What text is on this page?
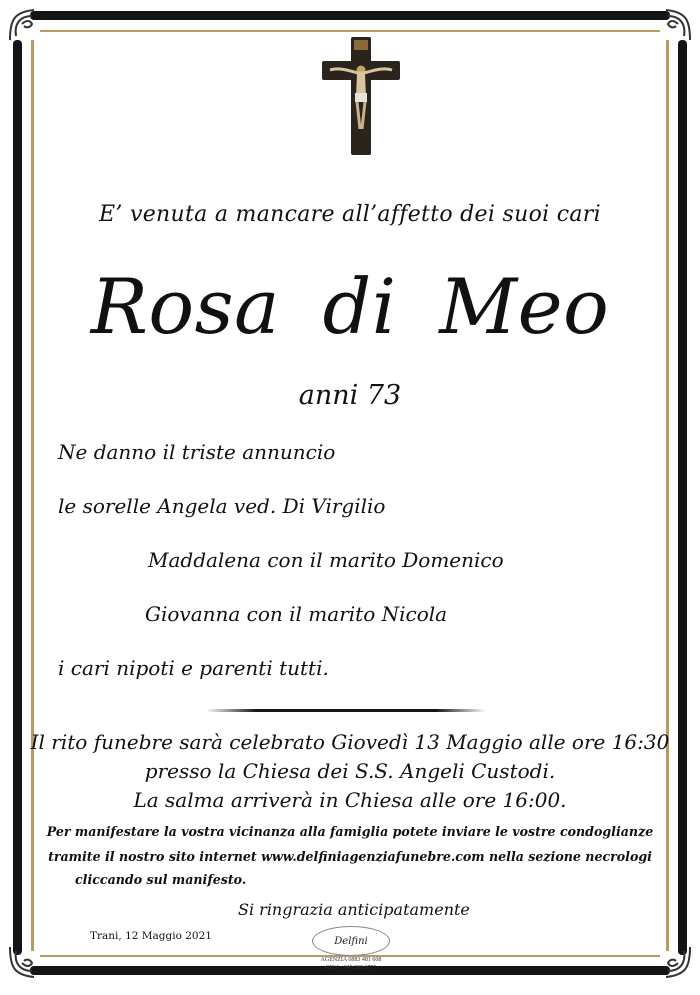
E’ venuta a mancare all’affetto dei suoi cari
Rosa di Meo
anni 73
Ne danno il triste annuncio
le sorelle Angela ved. Di Virgilio
Maddalena con il marito Domenico
Giovanna con il marito Nicola
i cari nipoti e parenti tutti.
Il rito funebre sarà celebrato Giovedì 13 Maggio alle ore 16:30
presso la Chiesa dei S.S. Angeli Custodi.
La salma arriverà in Chiesa alle ore 16:00.
Per manifestare la vostra vicinanza alla famiglia potete inviare le vostre condoglianze
tramite il nostro sito internet www.delfiniagenziafunebre.com nella sezione necrologi
cliccando sul manifesto.
Si ringrazia anticipatamente
Trani, 12 Maggio 2021	Delfini
AGENZIA 0883 481 608
CELL. 340 282 6772
